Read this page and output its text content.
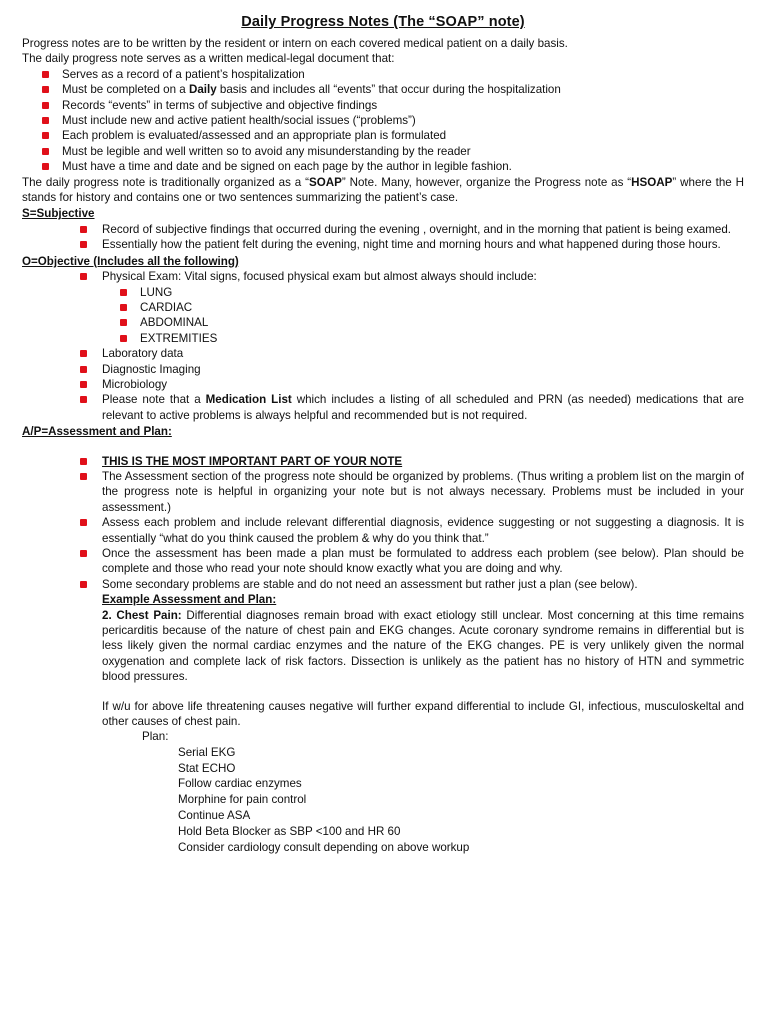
Daily Progress Notes (The “SOAP” note)

Progress notes are to be written by the resident or intern on each covered medical patient on a daily basis.

The daily progress note serves as a written medical-legal document that:

Serves as a record of a patient’s hospitalization
Must be completed on a Daily basis and includes all “events” that occur during the hospitalization
Records “events” in terms of subjective and objective findings
Must include new and active patient health/social issues (“problems”)
Each problem is evaluated/assessed and an appropriate plan is formulated
Must be legible and well written so to avoid any misunderstanding by the reader
Must have a time and date and be signed on each page by the author in legible fashion.

The daily progress note is traditionally organized as a “SOAP” Note. Many, however, organize the Progress note as “HSOAP” where the H stands for history and contains one or two sentences summarizing the patient’s case.

S=Subjective
Record of subjective findings that occurred during the evening , overnight, and in the morning that patient is being examed.
Essentially how the patient felt during the evening, night time and morning hours and what happened during those hours.
O=Objective (Includes all the following)
Physical Exam: Vital signs, focused physical exam but almost always should include:
LUNG
CARDIAC
ABDOMINAL
EXTREMITIES
Laboratory data
Diagnostic Imaging
Microbiology
Please note that a Medication List which includes a listing of all scheduled and PRN (as needed) medications that are relevant to active problems is always helpful and recommended but is not required.
A/P=Assessment and Plan:
THIS IS THE MOST IMPORTANT PART OF YOUR NOTE
The Assessment section of the progress note should be organized by problems. (Thus writing a problem list on the margin of the progress note is helpful in organizing your note but is not always necessary. Problems must be included in your assessment.)
Assess each problem and include relevant differential diagnosis, evidence suggesting or not suggesting a diagnosis. It is essentially “what do you think caused the problem & why do you think that.”
Once the assessment has been made a plan must be formulated to address each problem (see below). Plan should be complete and those who read your note should know exactly what you are doing and why.
Some secondary problems are stable and do not need an assessment but rather just a plan (see below).

Example Assessment and Plan:

2. Chest Pain: Differential diagnoses remain broad with exact etiology still unclear. Most concerning at this time remains pericarditis because of the nature of chest pain and EKG changes. Acute coronary syndrome remains in differential but is less likely given the normal cardiac enzymes and the nature of the EKG changes. PE is very unlikely given the normal oxygenation and complete lack of risk factors. Dissection is unlikely as the patient has no history of HTN and symmetric blood pressures.

If w/u for above life threatening causes negative will further expand differential to include GI, infectious, musculoskeltal and other causes of chest pain.

Plan:
Serial EKG
Stat ECHO
Follow cardiac enzymes
Morphine for pain control
Continue ASA
Hold Beta Blocker as SBP <100 and HR 60
Consider cardiology consult depending on above workup
